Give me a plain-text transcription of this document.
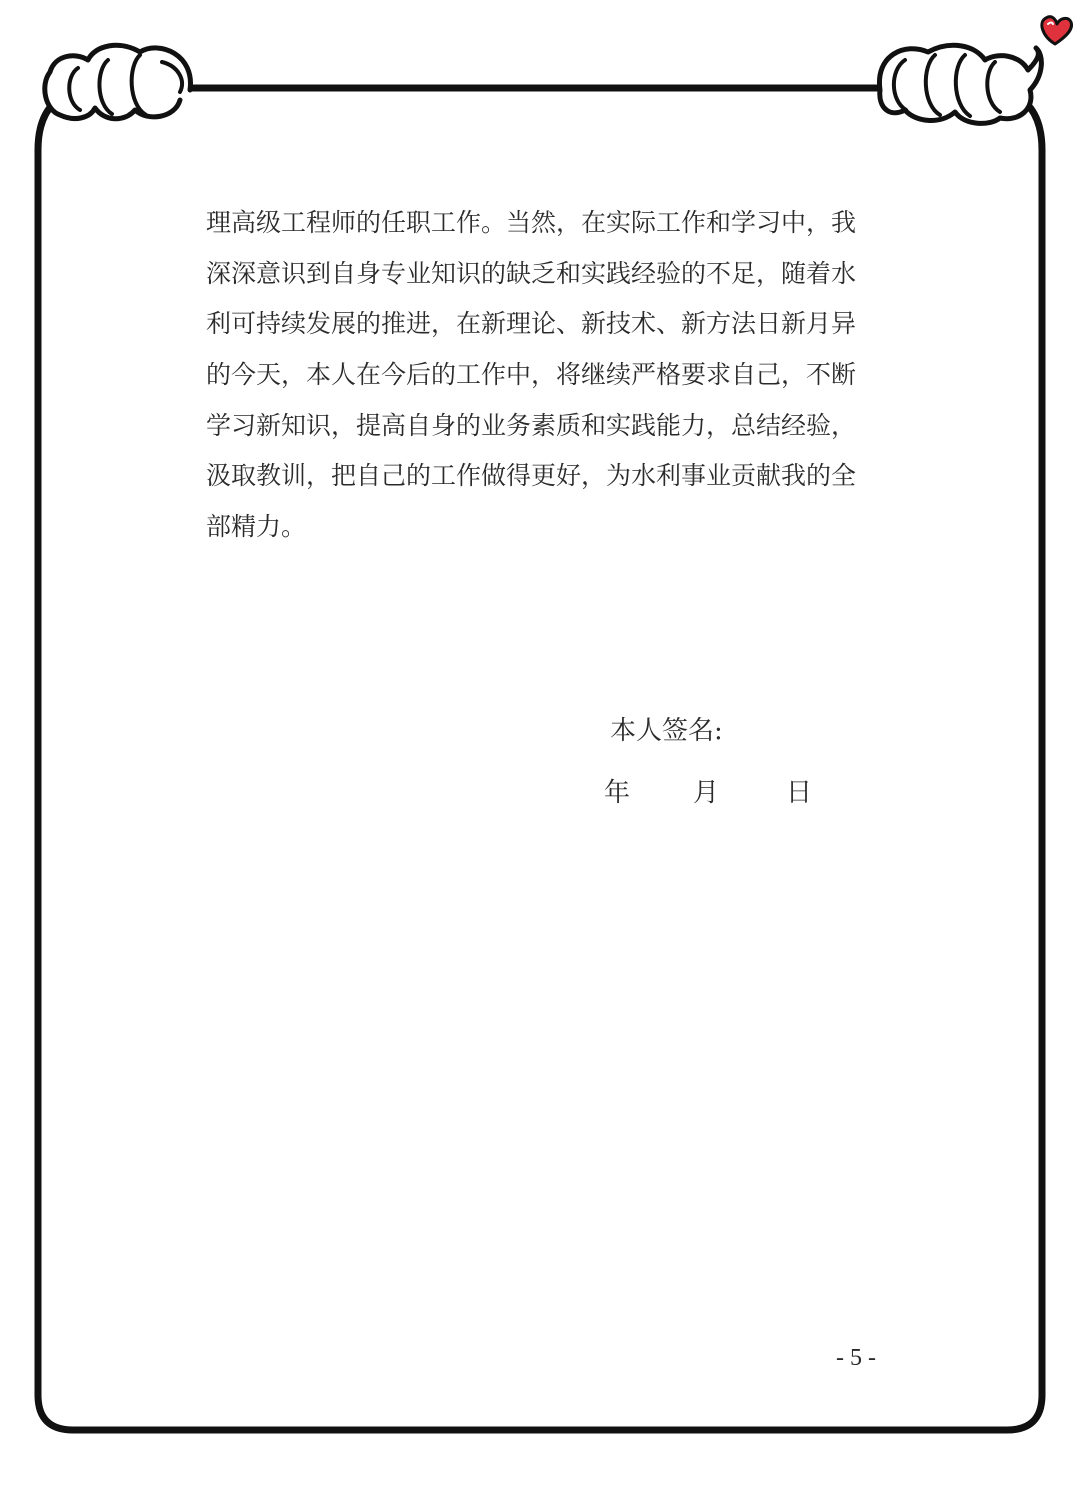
理高级工程师的任职工作。当然，在实际工作和学习中，我
深深意识到自身专业知识的缺乏和实践经验的不足，随着水
利可持续发展的推进，在新理论、新技术、新方法日新月异
的今天，本人在今后的工作中，将继续严格要求自己，不断
学习新知识，提高自身的业务素质和实践能力，总结经验，
汲取教训，把自己的工作做得更好，为水利事业贡献我的全
部精力。
本人签名:
年 月	日
- 5 -
